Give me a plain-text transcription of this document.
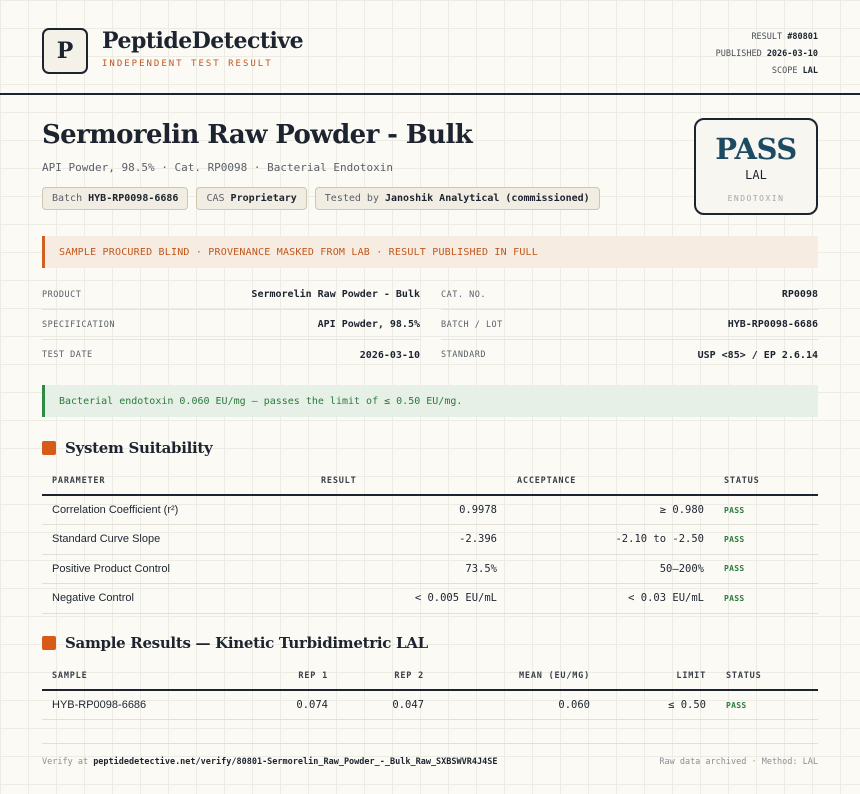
P PeptideDetective
INDEPENDENT TEST RESULT
RESULT #80801
PUBLISHED 2026-03-10
SCOPE LAL
Sermorelin Raw Powder - Bulk
API Powder, 98.5% · Cat. RP0098 · Bacterial Endotoxin
Batch HYB-RP0098-6686	CAS Proprietary	Tested by Janoshik Analytical (commissioned)
PASS
LAL
ENDOTOXIN
SAMPLE PROCURED BLIND · PROVENANCE MASKED FROM LAB · RESULT PUBLISHED IN FULL
PRODUCT	Sermorelin Raw Powder - Bulk
SPECIFICATION	API Powder, 98.5%
TEST DATE	2026-03-10
CAT. NO.	RP0098
BATCH / LOT	HYB-RP0098-6686
STANDARD	USP <85> / EP 2.6.14
Bacterial endotoxin 0.060 EU/mg — passes the limit of ≤ 0.50 EU/mg.
System Suitability
PARAMETER	RESULT	ACCEPTANCE	STATUS
Correlation Coefficient (r²)	0.9978	≥ 0.980	PASS
Standard Curve Slope	-2.396	-2.10 to -2.50	PASS
Positive Product Control	73.5%	50–200%	PASS
Negative Control	< 0.005 EU/mL	< 0.03 EU/mL	PASS
Sample Results — Kinetic Turbidimetric LAL
SAMPLE	REP 1	REP 2	MEAN (EU/MG)	LIMIT	STATUS
HYB-RP0098-6686	0.074	0.047	0.060	≤ 0.50	PASS
Verify at peptidedetective.net/verify/80801-Sermorelin_Raw_Powder_-_Bulk_Raw_SXBSWVR4J4SE	Raw data archived · Method: LAL
